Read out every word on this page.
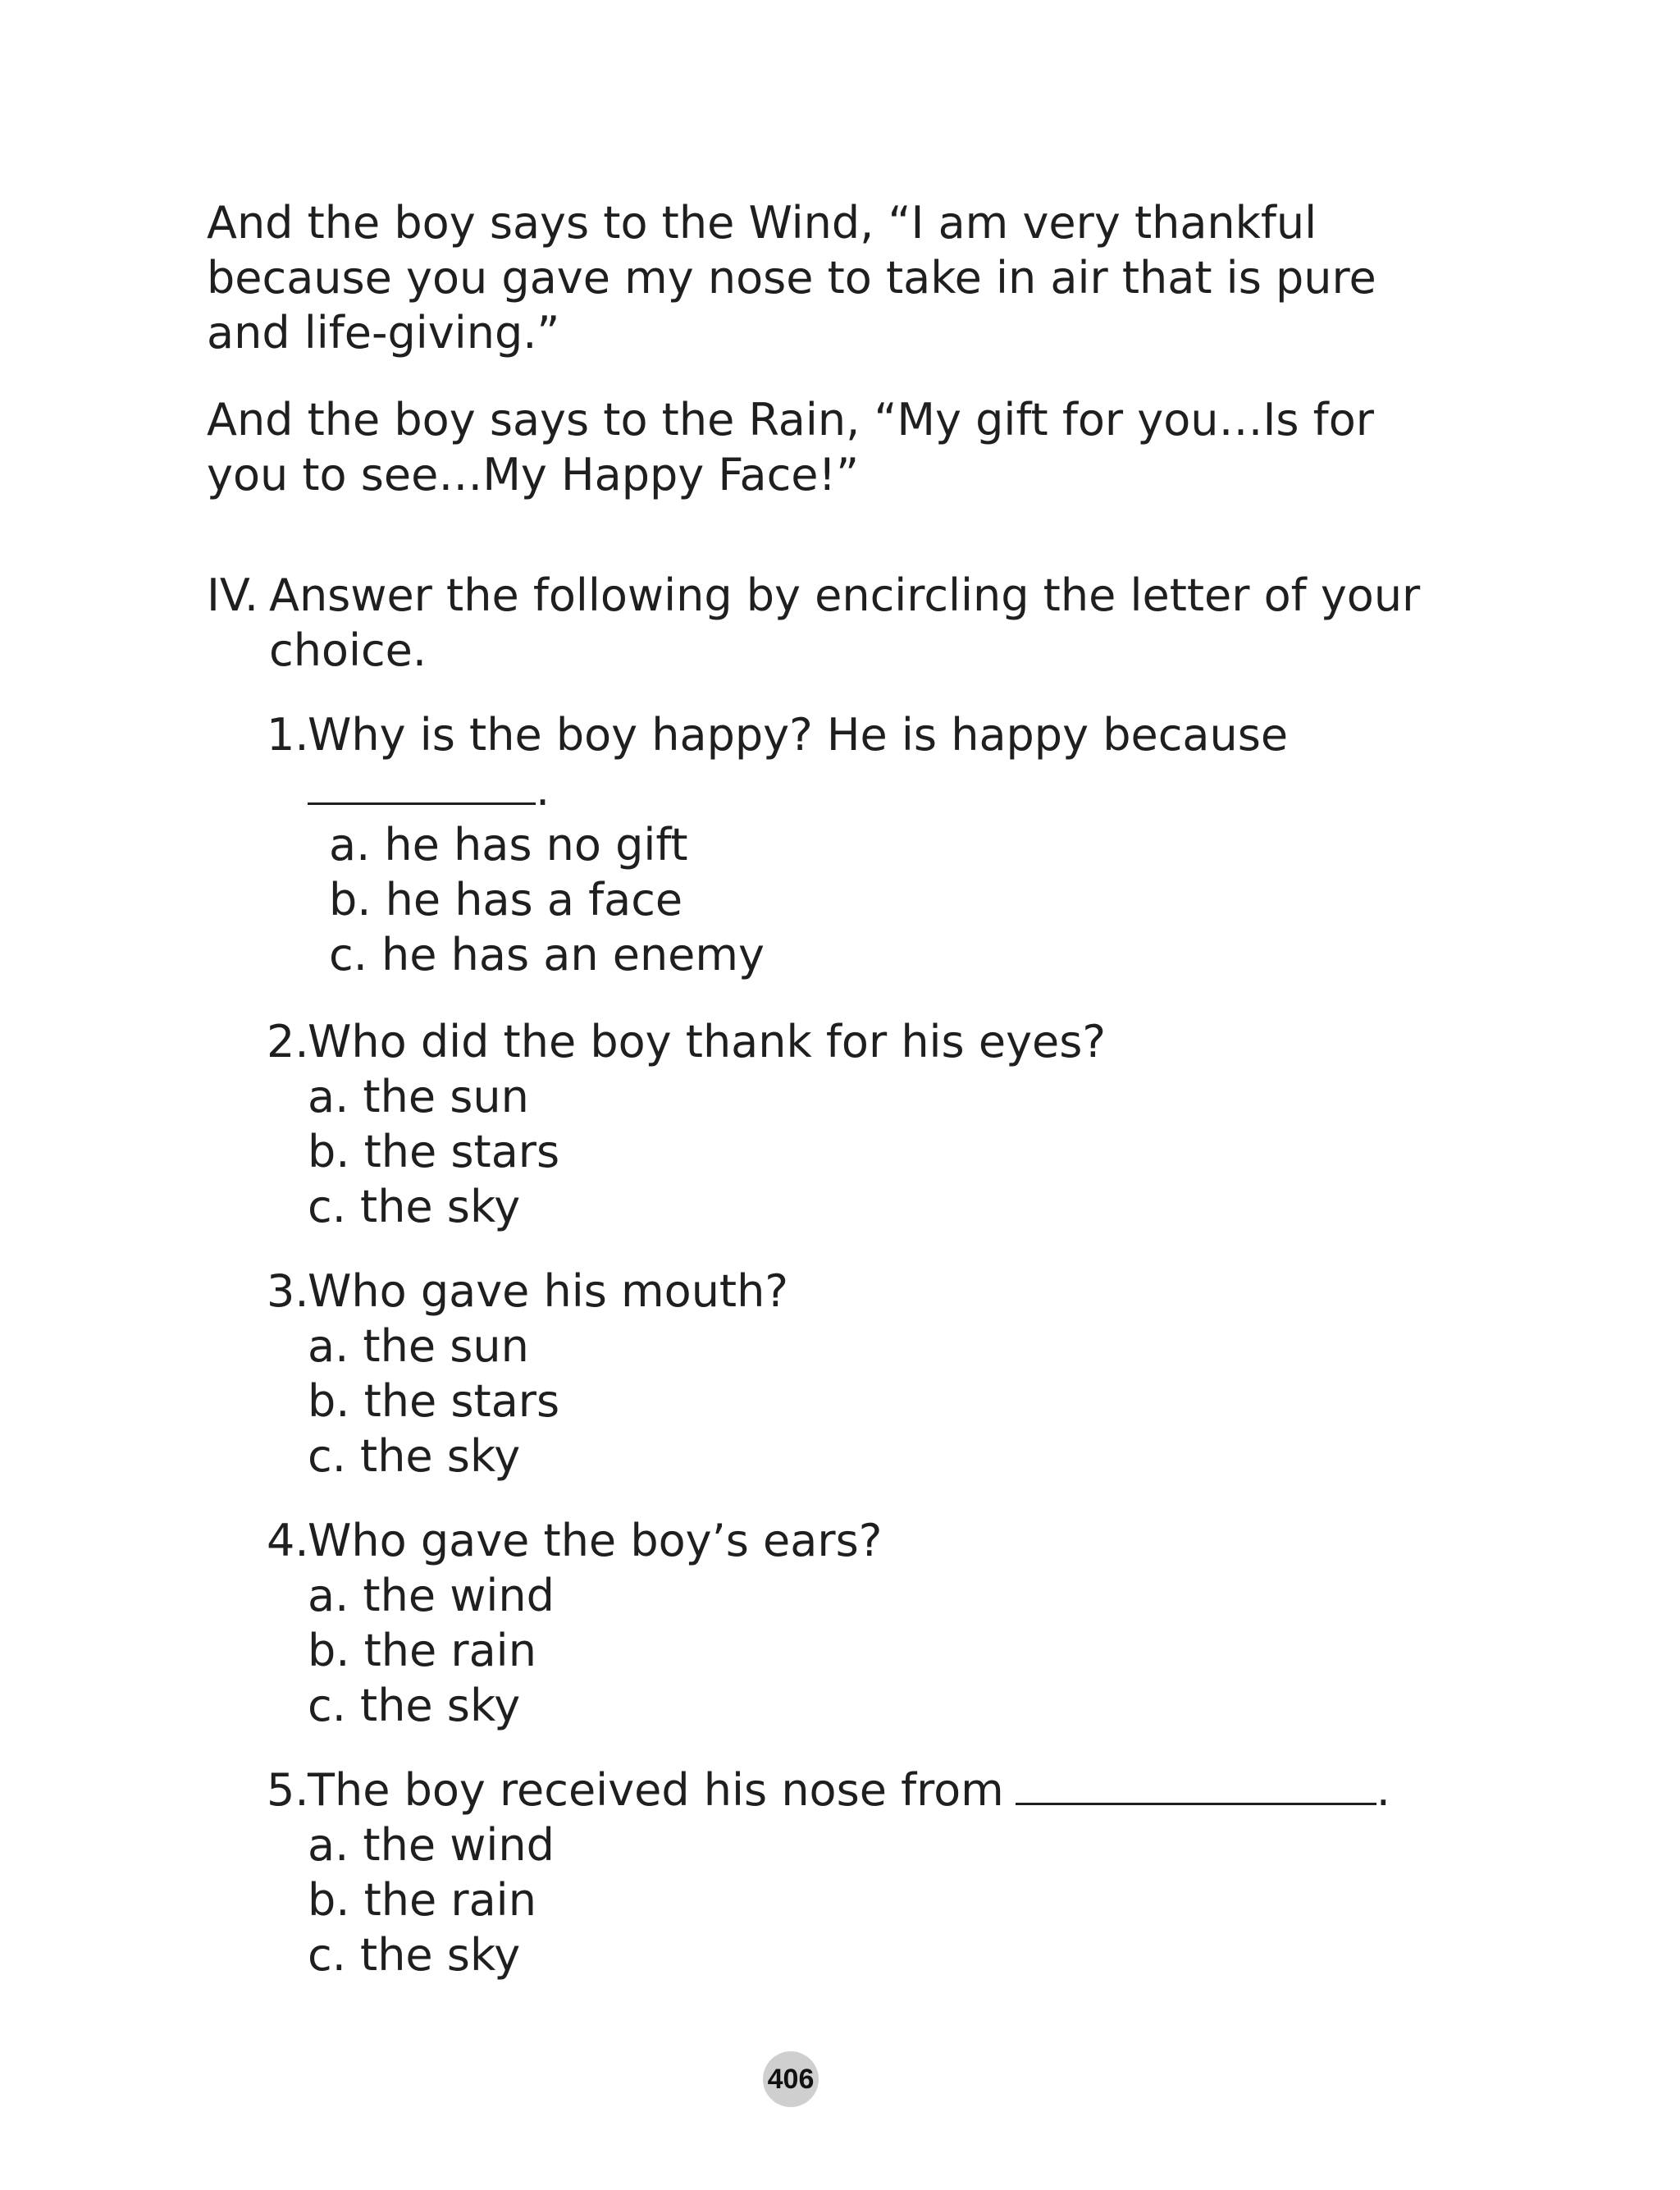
And the boy says to the Wind, “I am very thankful because you gave my nose to take in air that is pure and life-giving.”

And the boy says to the Rain, “My gift for you…Is for you to see…My Happy Face!”

IV. Answer the following by encircling the letter of your choice.
1.
Why is the boy happy? He is happy because.
a. he has no gift
b. he has a face
c. he has an enemy
2.
Who did the boy thank for his eyes?
a. the sun
b. the stars
c. the sky
3.
Who gave his mouth?
a. the sun
b. the stars
c. the sky
4.
Who gave the boy’s ears?
a. the wind
b. the rain
c. the sky
5.
The boy received his nose from	.
a. the wind
b. the rain
c. the sky
406
